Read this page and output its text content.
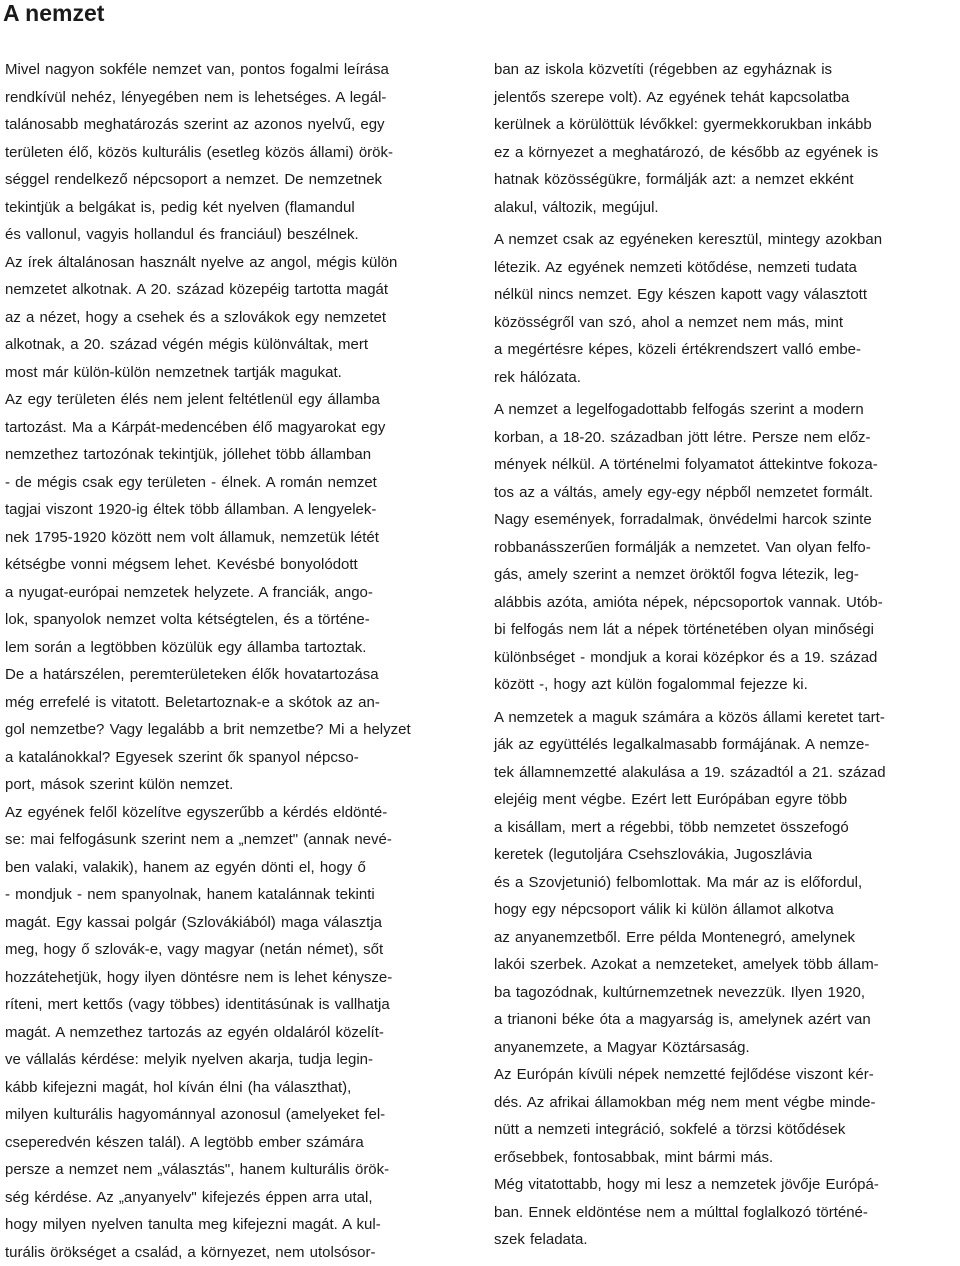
A nemzet
Mivel nagyon sokféle nemzet van, pontos fogalmi leírása
rendkívül nehéz, lényegében nem is lehetséges. A legál-
talánosabb meghatározás szerint az azonos nyelvű, egy
területen élő, közös kulturális (esetleg közös állami) örök-
séggel rendelkező népcsoport a nemzet. De nemzetnek
tekintjük a belgákat is, pedig két nyelven (flamandul
és vallonul, vagyis hollandul és franciául) beszélnek.
Az írek általánosan használt nyelve az angol, mégis külön
nemzetet alkotnak. A 20. század közepéig tartotta magát
az a nézet, hogy a csehek és a szlovákok egy nemzetet
alkotnak, a 20. század végén mégis különváltak, mert
most már külön-külön nemzetnek tartják magukat.
Az egy területen élés nem jelent feltétlenül egy államba
tartozást. Ma a Kárpát-medencében élő magyarokat egy
nemzethez tartozónak tekintjük, jóllehet több államban
- de mégis csak egy területen - élnek. A román nemzet
tagjai viszont 1920-ig éltek több államban. A lengyelek-
nek 1795-1920 között nem volt államuk, nemzetük létét
kétségbe vonni mégsem lehet. Kevésbé bonyolódott
a nyugat-európai nemzetek helyzete. A franciák, ango-
lok, spanyolok nemzet volta kétségtelen, és a történe-
lem során a legtöbben közülük egy államba tartoztak.
De a határszélen, peremterületeken élők hovatartozása
még errefelé is vitatott. Beletartoznak-e a skótok az an-
gol nemzetbe? Vagy legalább a brit nemzetbe? Mi a helyzet
a katalánokkal? Egyesek szerint ők spanyol népcso-
port, mások szerint külön nemzet.
Az egyének felől közelítve egyszerűbb a kérdés eldönté-
se: mai felfogásunk szerint nem a „nemzet" (annak nevé-
ben valaki, valakik), hanem az egyén dönti el, hogy ő
- mondjuk - nem spanyolnak, hanem katalánnak tekinti
magát. Egy kassai polgár (Szlovákiából) maga választja
meg, hogy ő szlovák-e, vagy magyar (netán német), sőt
hozzátehetjük, hogy ilyen döntésre nem is lehet kénysze-
ríteni, mert kettős (vagy többes) identitásúnak is vallhatja
magát. A nemzethez tartozás az egyén oldaláról közelít-
ve vállalás kérdése: melyik nyelven akarja, tudja legin-
kább kifejezni magát, hol kíván élni (ha választhat),
milyen kulturális hagyománnyal azonosul (amelyeket fel-
cseperedvén készen talál). A legtöbb ember számára
persze a nemzet nem „választás", hanem kulturális örök-
ség kérdése. Az „anyanyelv" kifejezés éppen arra utal,
hogy milyen nyelven tanulta meg kifejezni magát. A kul-
turális örökséget a család, a környezet, nem utolsósor-
ban az iskola közvetíti (régebben az egyháznak is
jelentős szerepe volt). Az egyének tehát kapcsolatba
kerülnek a körülöttük lévőkkel: gyermekkorukban inkább
ez a környezet a meghatározó, de később az egyének is
hatnak közösségükre, formálják azt: a nemzet ekként
alakul, változik, megújul.
A nemzet csak az egyéneken keresztül, mintegy azokban
létezik. Az egyének nemzeti kötődése, nemzeti tudata
nélkül nincs nemzet. Egy készen kapott vagy választott
közösségről van szó, ahol a nemzet nem más, mint
a megértésre képes, közeli értékrendszert valló embe-
rek hálózata.
A nemzet a legelfogadottabb felfogás szerint a modern
korban, a 18-20. században jött létre. Persze nem előz-
mények nélkül. A történelmi folyamatot áttekintve fokoza-
tos az a váltás, amely egy-egy népből nemzetet formált.
Nagy események, forradalmak, önvédelmi harcok szinte
robbanásszerűen formálják a nemzetet. Van olyan felfo-
gás, amely szerint a nemzet öröktől fogva létezik, leg-
alábbis azóta, amióta népek, népcsoportok vannak. Utób-
bi felfogás nem lát a népek történetében olyan minőségi
különbséget - mondjuk a korai középkor és a 19. század
között -, hogy azt külön fogalommal fejezze ki.
A nemzetek a maguk számára a közös állami keretet tart-
ják az együttélés legalkalmasabb formájának. A nemze-
tek államnemzetté alakulása a 19. századtól a 21. század
elejéig ment végbe. Ezért lett Európában egyre több
a kisállam, mert a régebbi, több nemzetet összefogó
keretek (legutoljára Csehszlovákia, Jugoszlávia
és a Szovjetunió) felbomlottak. Ma már az is előfordul,
hogy egy népcsoport válik ki külön államot alkotva
az anyanemzetből. Erre példa Montenegró, amelynek
lakói szerbek. Azokat a nemzeteket, amelyek több állam-
ba tagozódnak, kultúrnemzetnek nevezzük. Ilyen 1920,
a trianoni béke óta a magyarság is, amelynek azért van
anyanemzete, a Magyar Köztársaság.
Az Európán kívüli népek nemzetté fejlődése viszont kér-
dés. Az afrikai államokban még nem ment végbe minde-
nütt a nemzeti integráció, sokfelé a törzsi kötődések
erősebbek, fontosabbak, mint bármi más.
Még vitatottabb, hogy mi lesz a nemzetek jövője Európá-
ban. Ennek eldöntése nem a múlttal foglalkozó történé-
szek feladata.
